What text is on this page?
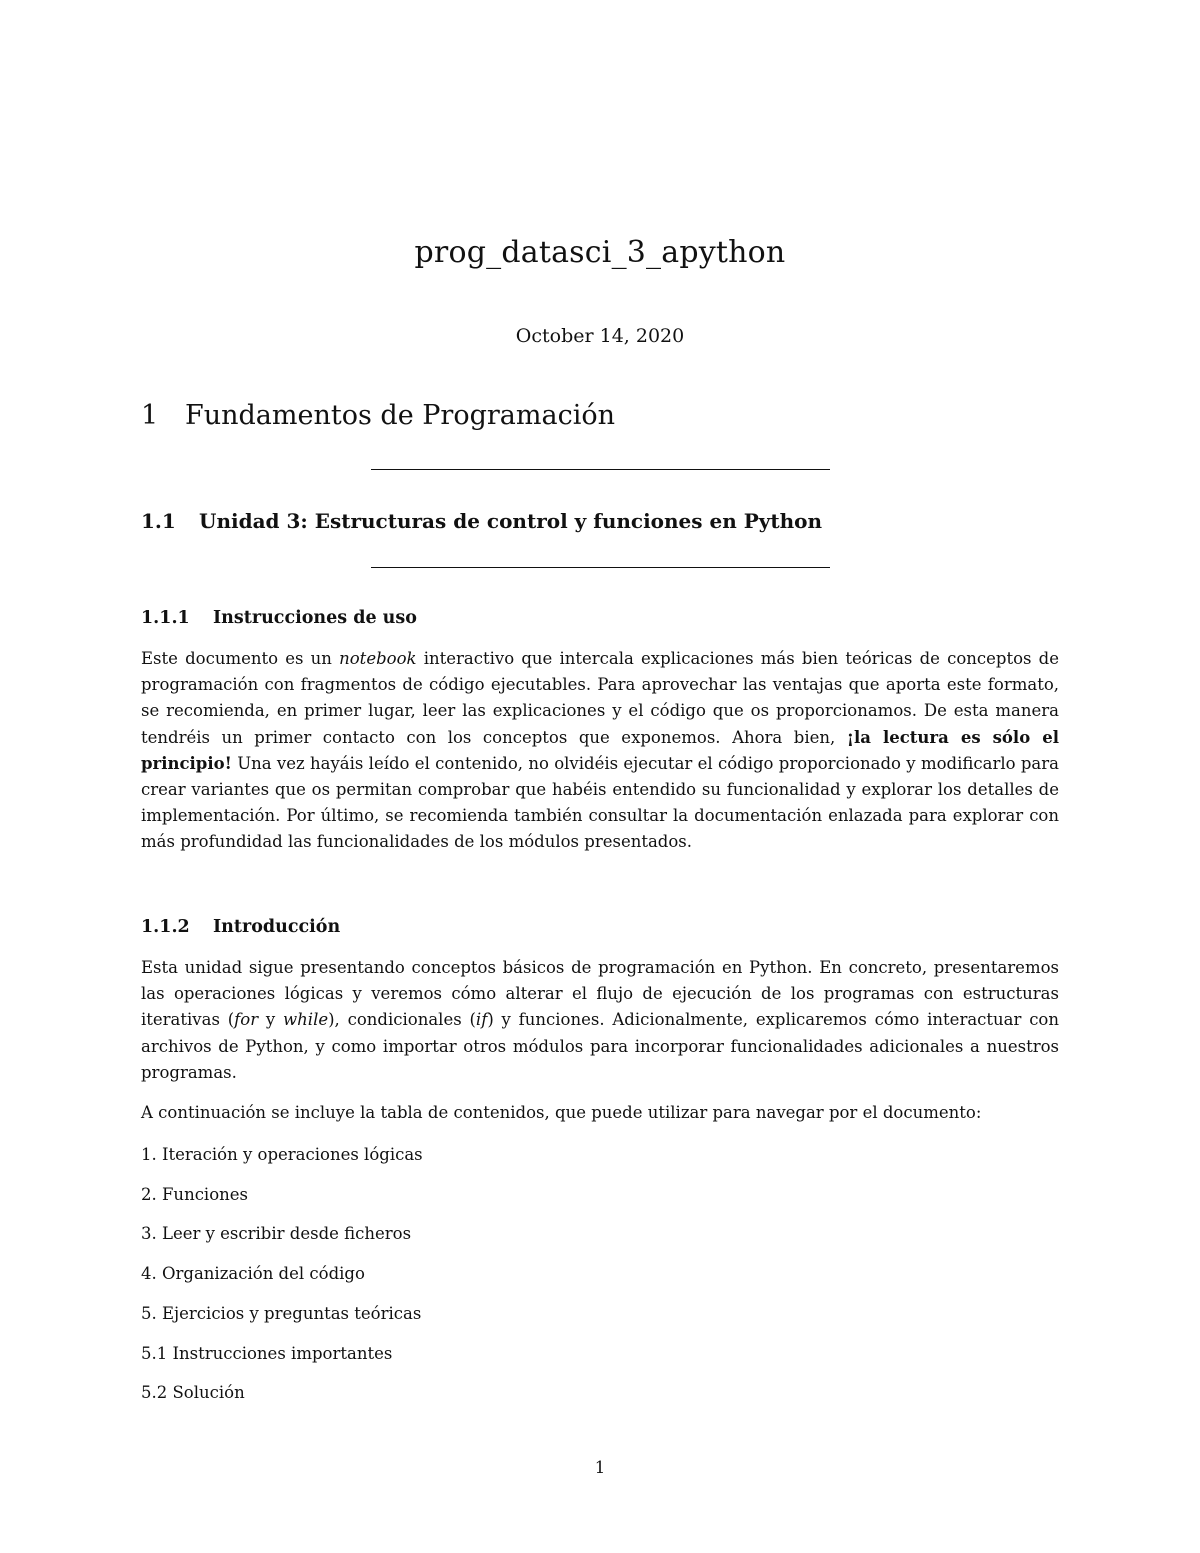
prog_datasci_3_apython
October 14, 2020
1 Fundamentos de Programación
1.1 Unidad 3: Estructuras de control y funciones en Python
1.1.1 Instrucciones de uso

Este documento es un notebook interactivo que intercala explicaciones más bien teóricas de conceptos de programación con fragmentos de código ejecutables. Para aprovechar las ventajas que aporta este formato, se recomienda, en primer lugar, leer las explicaciones y el código que os proporcionamos. De esta manera tendréis un primer contacto con los conceptos que exponemos. Ahora bien, ¡la lectura es sólo el principio! Una vez hayáis leído el contenido, no olvidéis ejecutar el código proporcionado y modificarlo para crear variantes que os permitan comprobar que habéis entendido su funcionalidad y explorar los detalles de implementación. Por último, se recomienda también consultar la documentación enlazada para explorar con más profundidad las funcionalidades de los módulos presentados.

1.1.2 Introducción

Esta unidad sigue presentando conceptos básicos de programación en Python. En concreto, presentaremos las operaciones lógicas y veremos cómo alterar el flujo de ejecución de los programas con estructuras iterativas (for y while), condicionales (if) y funciones. Adicionalmente, explicaremos cómo interactuar con archivos de Python, y como importar otros módulos para incorporar funcionalidades adicionales a nuestros programas.

A continuación se incluye la tabla de contenidos, que puede utilizar para navegar por el documento:

1. Iteración y operaciones lógicas
2. Funciones
3. Leer y escribir desde ficheros
4. Organización del código
5. Ejercicios y preguntas teóricas
5.1 Instrucciones importantes
5.2 Solución
1
